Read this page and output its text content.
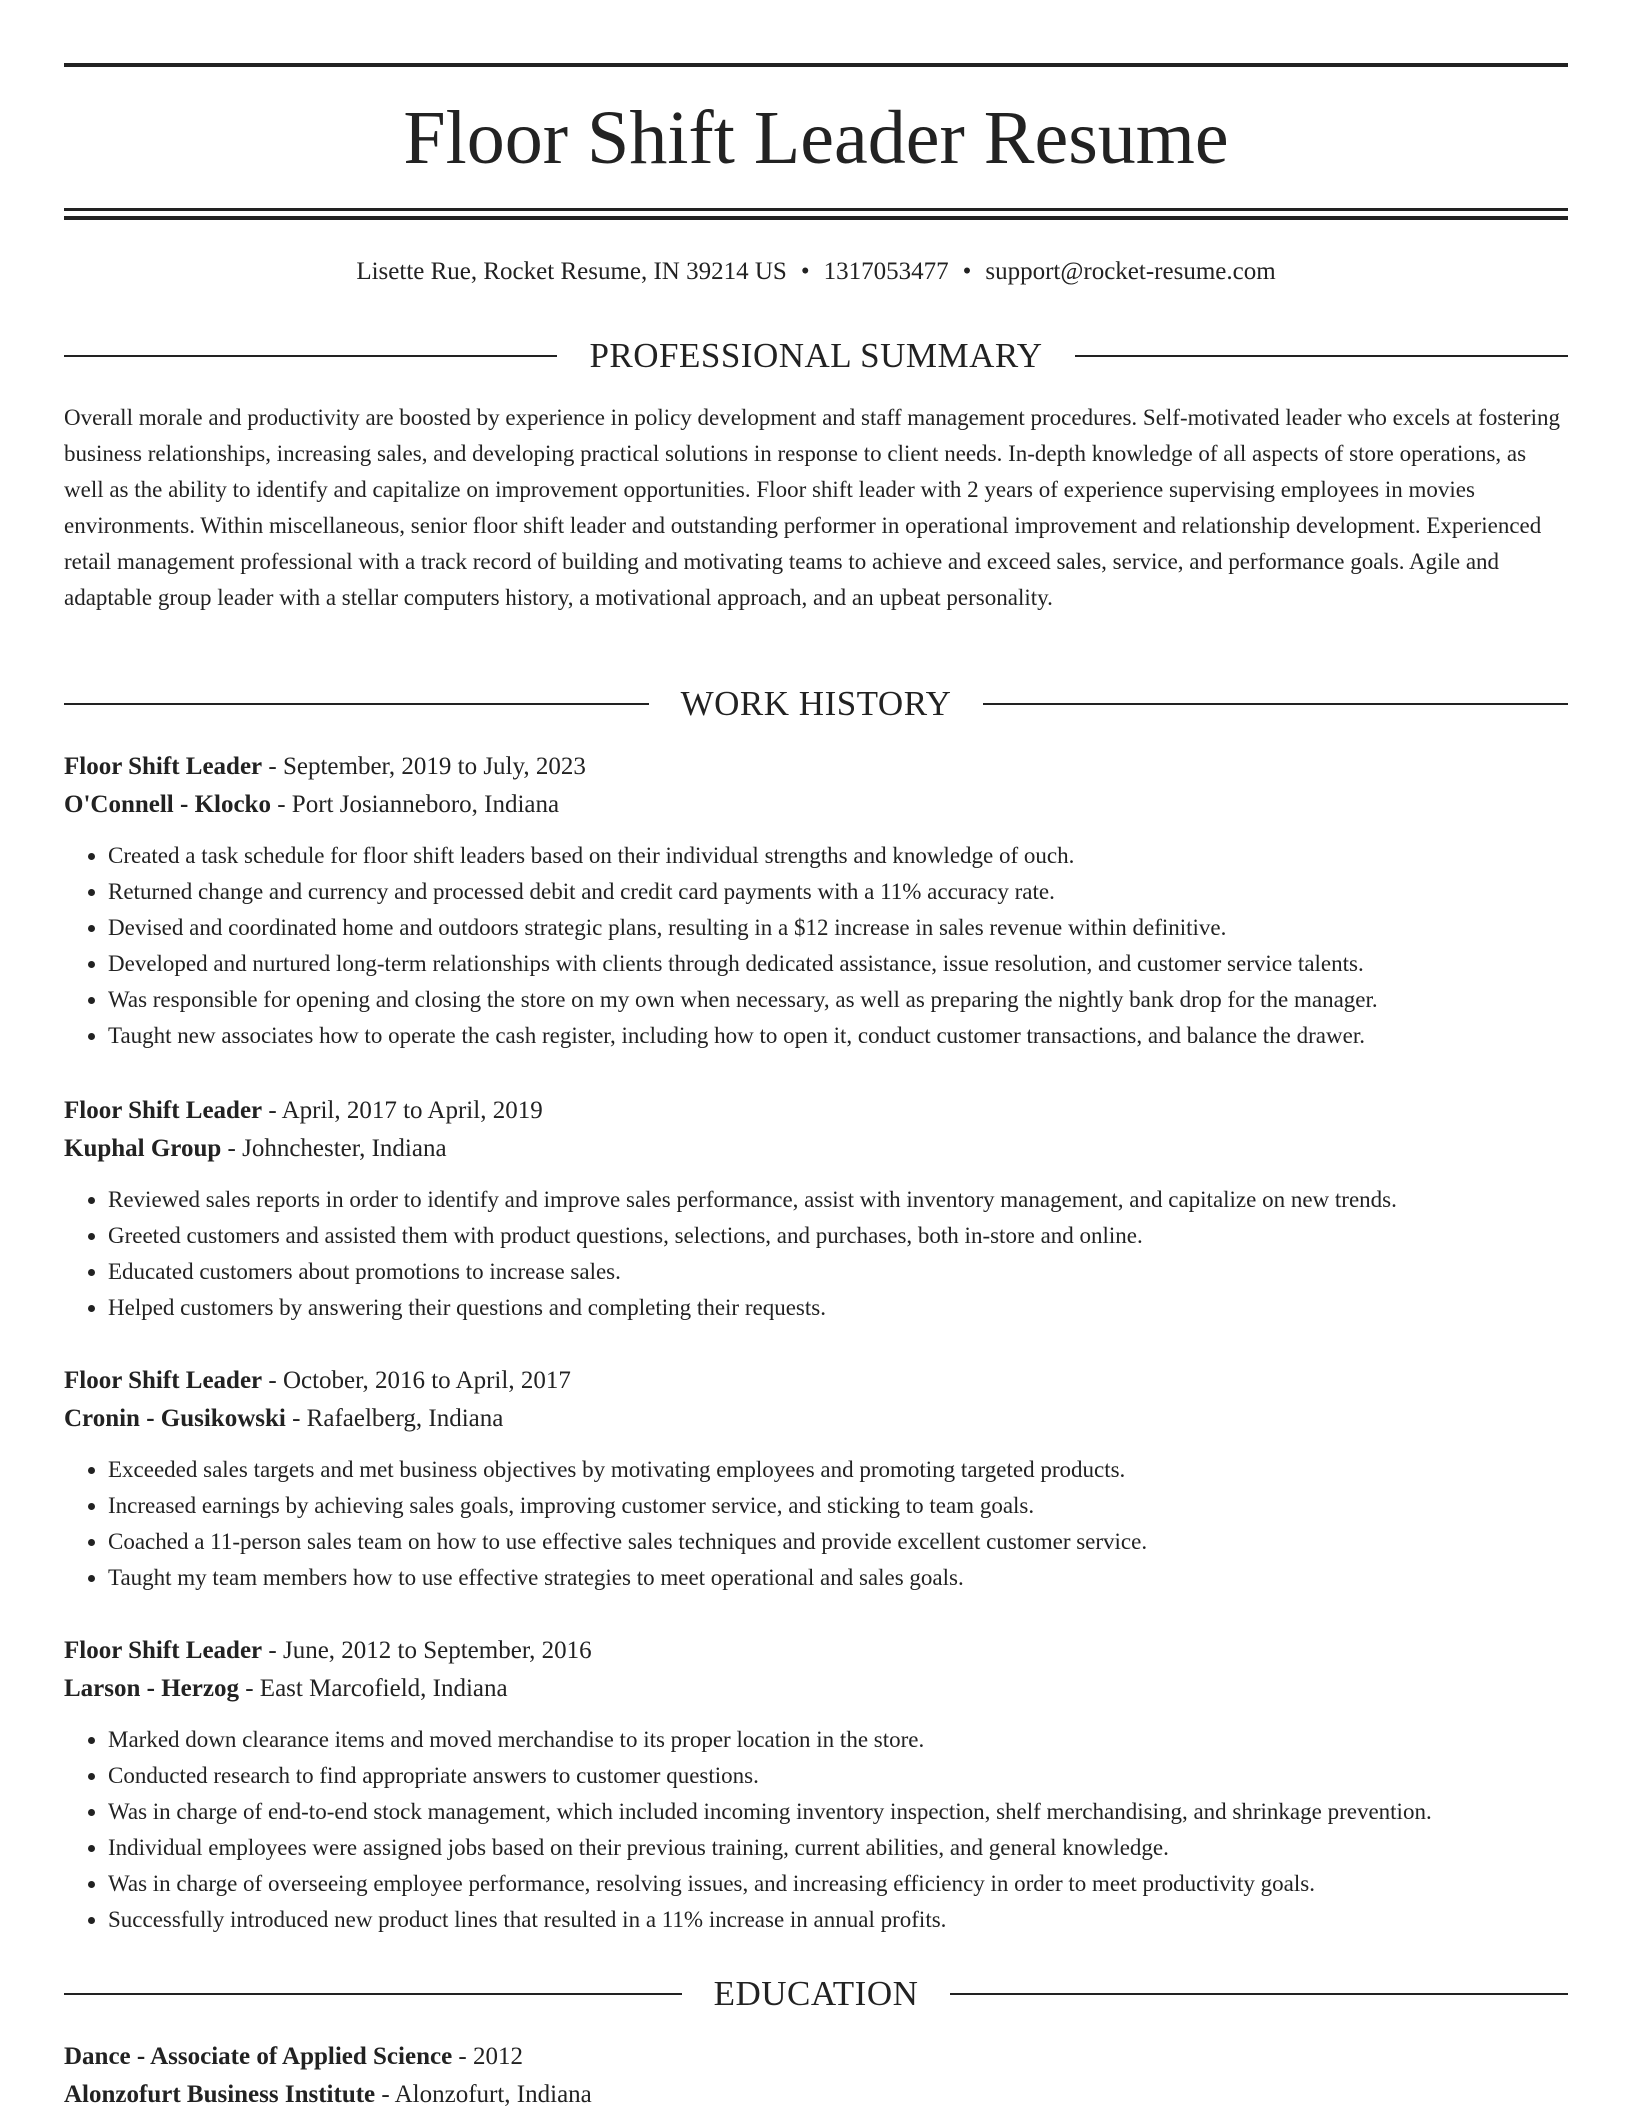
Floor Shift Leader Resume
Lisette Rue, Rocket Resume, IN 39214 US • 1317053477 • support@rocket-resume.com
PROFESSIONAL SUMMARY

Overall morale and productivity are boosted by experience in policy development and staff management procedures. Self-motivated leader who excels at fostering business relationships, increasing sales, and developing practical solutions in response to client needs. In-depth knowledge of all aspects of store operations, as well as the ability to identify and capitalize on improvement opportunities. Floor shift leader with 2 years of experience supervising employees in movies environments. Within miscellaneous, senior floor shift leader and outstanding performer in operational improvement and relationship development. Experienced retail management professional with a track record of building and motivating teams to achieve and exceed sales, service, and performance goals. Agile and adaptable group leader with a stellar computers history, a motivational approach, and an upbeat personality.

WORK HISTORY

Floor Shift Leader - September, 2019 to July, 2023

O'Connell - Klocko - Port Josianneboro, Indiana

• Created a task schedule for floor shift leaders based on their individual strengths and knowledge of ouch.
• Returned change and currency and processed debit and credit card payments with a 11% accuracy rate.
• Devised and coordinated home and outdoors strategic plans, resulting in a $12 increase in sales revenue within definitive.
• Developed and nurtured long-term relationships with clients through dedicated assistance, issue resolution, and customer service talents.
• Was responsible for opening and closing the store on my own when necessary, as well as preparing the nightly bank drop for the manager.
• Taught new associates how to operate the cash register, including how to open it, conduct customer transactions, and balance the drawer.

Floor Shift Leader - April, 2017 to April, 2019

Kuphal Group - Johnchester, Indiana

• Reviewed sales reports in order to identify and improve sales performance, assist with inventory management, and capitalize on new trends.
• Greeted customers and assisted them with product questions, selections, and purchases, both in-store and online.
• Educated customers about promotions to increase sales.
• Helped customers by answering their questions and completing their requests.

Floor Shift Leader - October, 2016 to April, 2017

Cronin - Gusikowski - Rafaelberg, Indiana

• Exceeded sales targets and met business objectives by motivating employees and promoting targeted products.
• Increased earnings by achieving sales goals, improving customer service, and sticking to team goals.
• Coached a 11-person sales team on how to use effective sales techniques and provide excellent customer service.
• Taught my team members how to use effective strategies to meet operational and sales goals.

Floor Shift Leader - June, 2012 to September, 2016

Larson - Herzog - East Marcofield, Indiana

• Marked down clearance items and moved merchandise to its proper location in the store.
• Conducted research to find appropriate answers to customer questions.
• Was in charge of end-to-end stock management, which included incoming inventory inspection, shelf merchandising, and shrinkage prevention.
• Individual employees were assigned jobs based on their previous training, current abilities, and general knowledge.
• Was in charge of overseeing employee performance, resolving issues, and increasing efficiency in order to meet productivity goals.
• Successfully introduced new product lines that resulted in a 11% increase in annual profits.
EDUCATION

Dance - Associate of Applied Science - 2012

Alonzofurt Business Institute - Alonzofurt, Indiana
